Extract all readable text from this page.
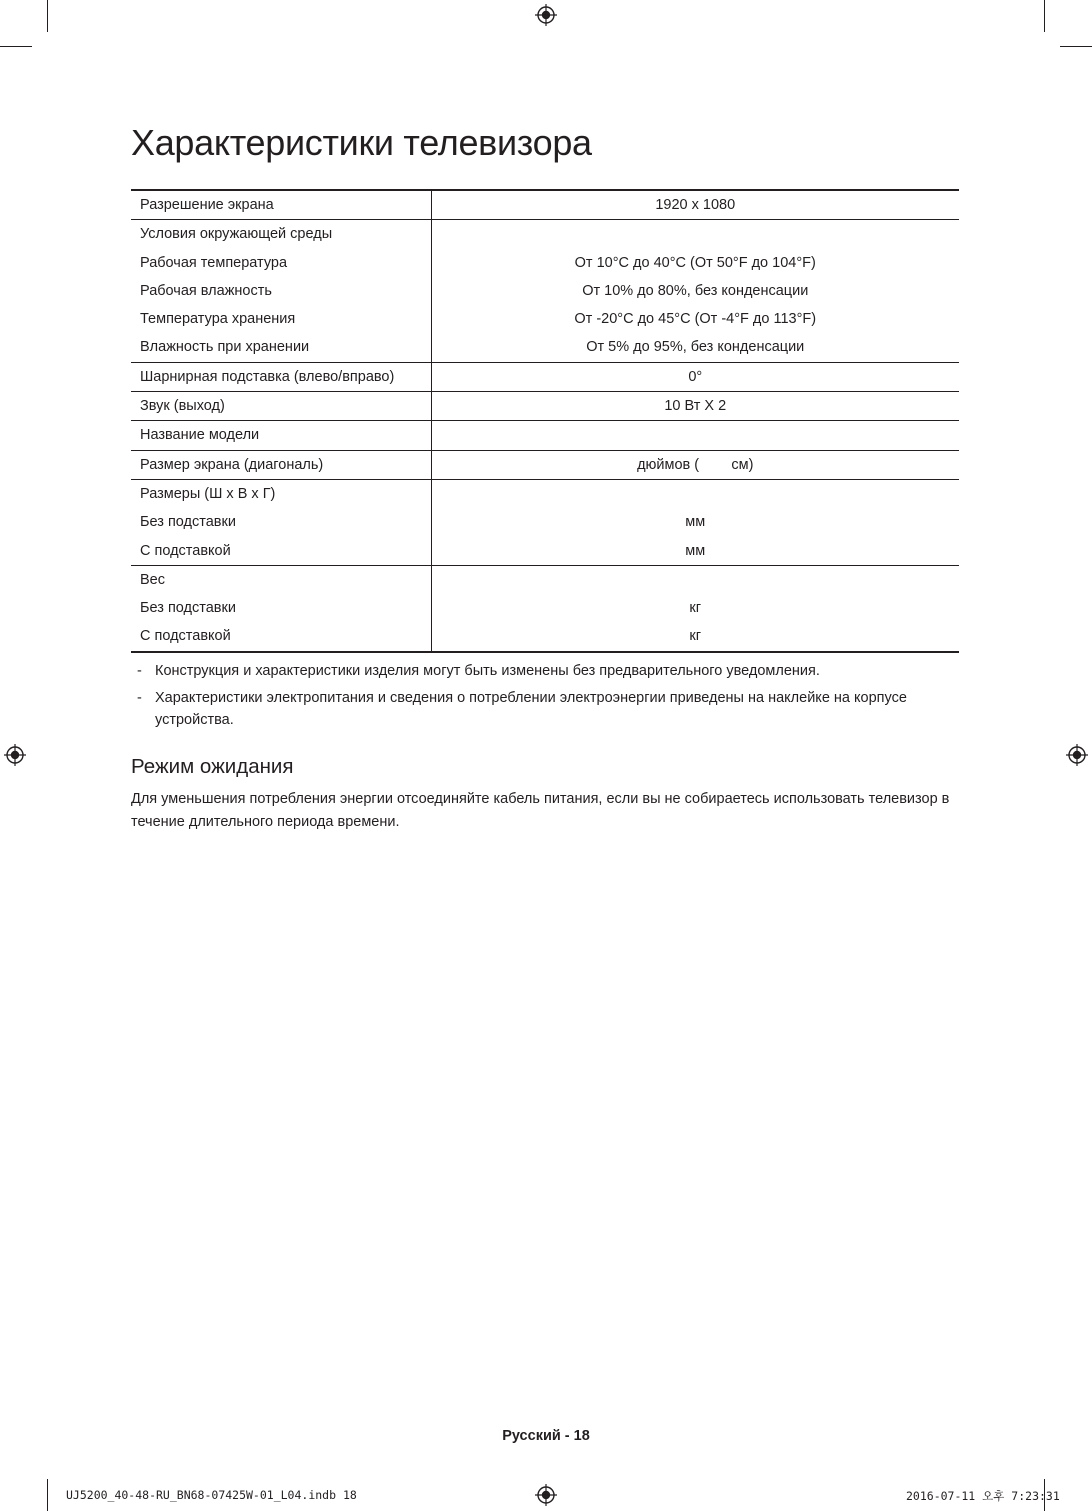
Характеристики телевизора
Разрешение экрана	1920 x 1080

Условия окружающей среды	

Рабочая температура	От 10°C до 40°C (От 50°F до 104°F)

Рабочая влажность	От 10% до 80%, без конденсации

Температура хранения	От -20°C до 45°C (От -4°F до 113°F)

Влажность при хранении	От 5% до 95%, без конденсации

Шарнирная подставка (влево/вправо)	0°

Звук (выход)	10 Вт X 2

Название модели	

Размер экрана (диагональ)	дюймов (        см)

Размеры (Ш x В x Г)	

Без подставки	мм

С подставкой	мм

Вес	

Без подставки	кг

С подставкой	кг
- Конструкция и характеристики изделия могут быть изменены без предварительного уведомления.
- Характеристики электропитания и сведения о потреблении электроэнергии приведены на наклейке на корпусе устройства.
Режим ожидания
Для уменьшения потребления энергии отсоединяйте кабель питания, если вы не собираетесь использовать телевизор в течение длительного периода времени.
Русский - 18
UJ5200_40-48-RU_BN68-07425W-01_L04.indb 18	2016-07-11 오후 7:23:31
